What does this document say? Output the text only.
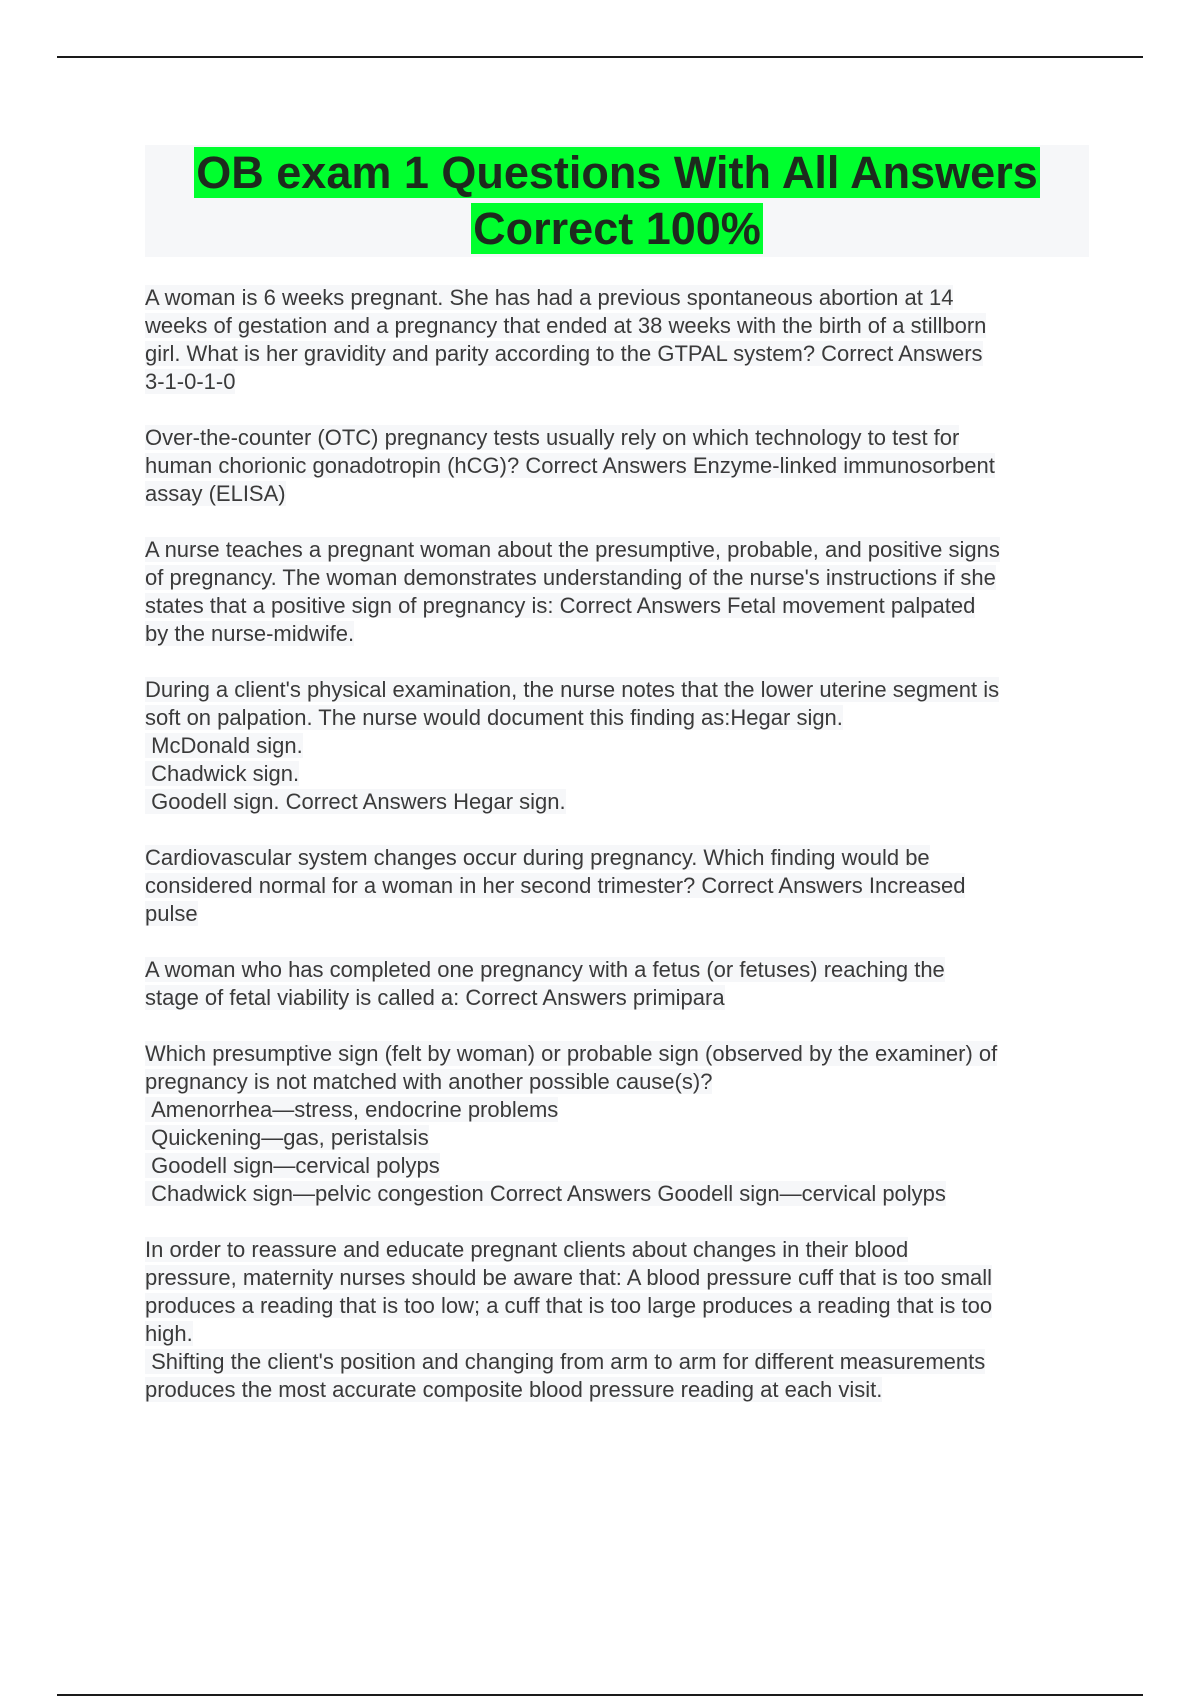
OB exam 1 Questions With All Answers
Correct 100%
A woman is 6 weeks pregnant. She has had a previous spontaneous abortion at 14
weeks of gestation and a pregnancy that ended at 38 weeks with the birth of a stillborn
girl. What is her gravidity and parity according to the GTPAL system? Correct Answers
3-1-0-1-0
Over-the-counter (OTC) pregnancy tests usually rely on which technology to test for
human chorionic gonadotropin (hCG)? Correct Answers Enzyme-linked immunosorbent
assay (ELISA)
A nurse teaches a pregnant woman about the presumptive, probable, and positive signs
of pregnancy. The woman demonstrates understanding of the nurse's instructions if she
states that a positive sign of pregnancy is: Correct Answers Fetal movement palpated
by the nurse-midwife.
During a client's physical examination, the nurse notes that the lower uterine segment is
soft on palpation. The nurse would document this finding as:Hegar sign.
McDonald sign.
Chadwick sign.
Goodell sign. Correct Answers Hegar sign.
Cardiovascular system changes occur during pregnancy. Which finding would be
considered normal for a woman in her second trimester? Correct Answers Increased
pulse
A woman who has completed one pregnancy with a fetus (or fetuses) reaching the
stage of fetal viability is called a: Correct Answers primipara
Which presumptive sign (felt by woman) or probable sign (observed by the examiner) of
pregnancy is not matched with another possible cause(s)?
Amenorrhea—stress, endocrine problems
Quickening—gas, peristalsis
Goodell sign—cervical polyps
Chadwick sign—pelvic congestion Correct Answers Goodell sign—cervical polyps
In order to reassure and educate pregnant clients about changes in their blood
pressure, maternity nurses should be aware that: A blood pressure cuff that is too small
produces a reading that is too low; a cuff that is too large produces a reading that is too
high.
Shifting the client's position and changing from arm to arm for different measurements
produces the most accurate composite blood pressure reading at each visit.
